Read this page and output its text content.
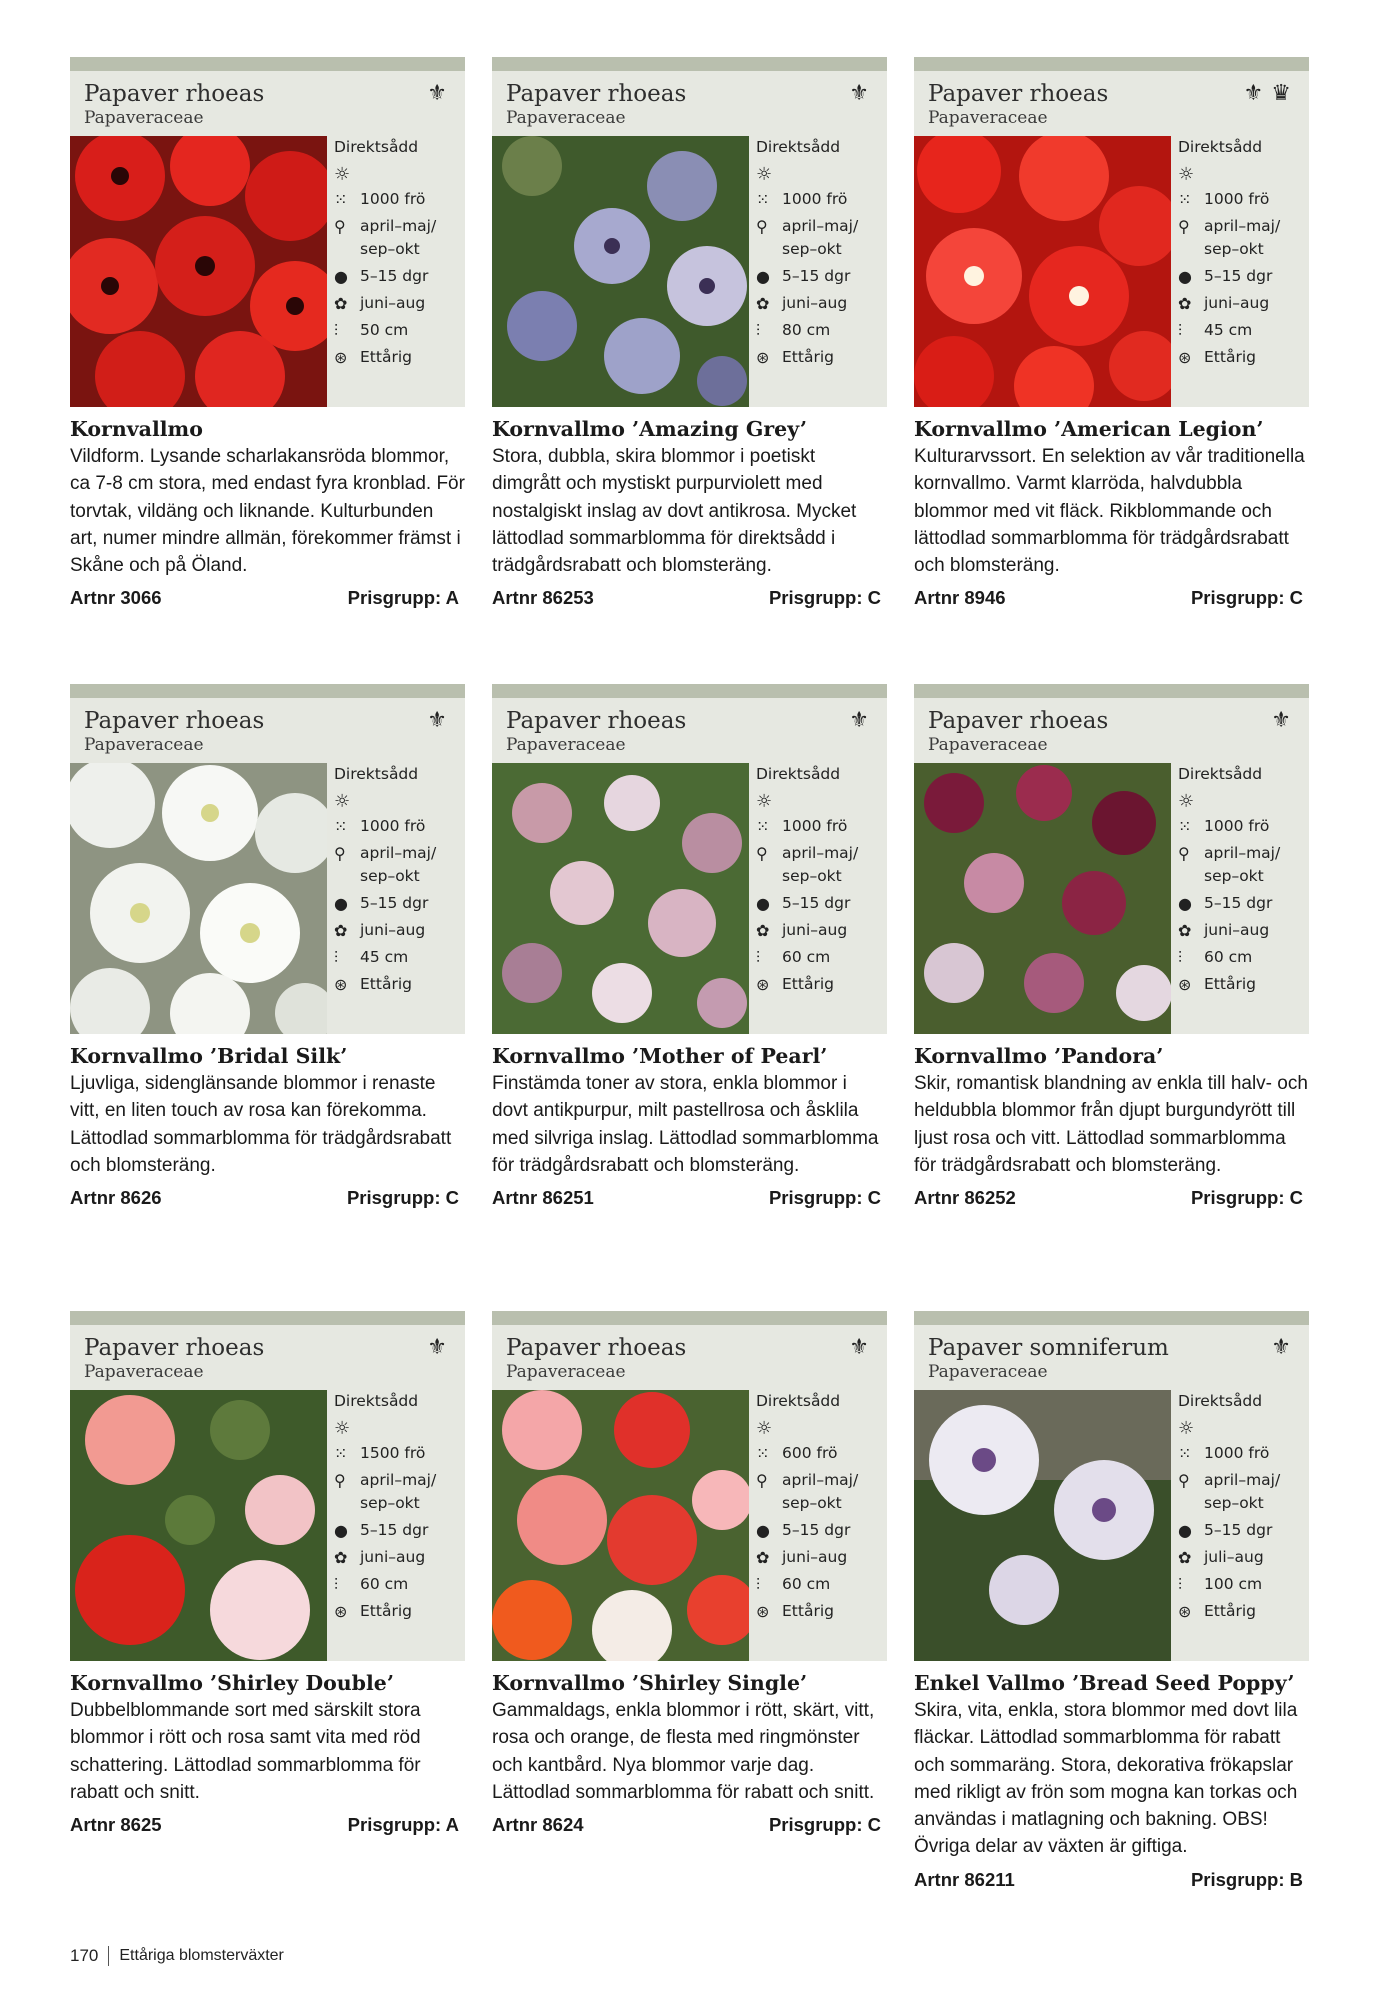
Papaver rhoeas
Papaveraceae
⚜
Direktsådd
☼
⁙ 1000 frö
⚲ april–maj/
sep–okt
● 5–15 dgr
✿ juni–aug
⫶	50 cm
⊛ Ettårig
Kornvallmo
Vildform. Lysande scharlakansröda blommor, ca 7-8 cm stora, med endast fyra kronblad. För torvtak, vildäng och liknande. Kulturbunden art, numer mindre allmän, förekommer främst i Skåne och på Öland.
Artnr 3066	Prisgrupp: A
Papaver rhoeas
Papaveraceae
⚜
Direktsådd
☼
⁙ 1000 frö
⚲ april–maj/
sep–okt
● 5–15 dgr
✿ juni–aug
⫶	80 cm
⊛ Ettårig
Kornvallmo ’Amazing Grey’
Stora, dubbla, skira blommor i poetiskt dimgrått och mystiskt purpurviolett med nostalgiskt inslag av dovt antikrosa. Mycket lättodlad sommarblomma för direktsådd i trädgårdsrabatt och blomsteräng.
Artnr 86253	Prisgrupp: C
Papaver rhoeas
Papaveraceae
⚜ ♛
Direktsådd
☼
⁙ 1000 frö
⚲ april–maj/
sep–okt
● 5–15 dgr
✿ juni–aug
⫶	45 cm
⊛ Ettårig
Kornvallmo ’American Legion’
Kulturarvssort. En selektion av vår traditionella kornvallmo. Varmt klarröda, halvdubbla blommor med vit fläck. Rikblommande och lättodlad sommarblomma för trädgårdsrabatt och blomsteräng.
Artnr 8946	Prisgrupp: C
Papaver rhoeas
Papaveraceae
⚜
Direktsådd
☼
⁙ 1000 frö
⚲ april–maj/
sep–okt
● 5–15 dgr
✿ juni–aug
⫶	45 cm
⊛ Ettårig
Kornvallmo ’Bridal Silk’
Ljuvliga, sidenglänsande blommor i renaste vitt, en liten touch av rosa kan förekomma. Lättodlad sommarblomma för trädgårdsrabatt och blomsteräng.
Artnr 8626	Prisgrupp: C
Papaver rhoeas
Papaveraceae
⚜
Direktsådd
☼
⁙ 1000 frö
⚲ april–maj/
sep–okt
● 5–15 dgr
✿ juni–aug
⫶	60 cm
⊛ Ettårig
Kornvallmo ’Mother of Pearl’
Finstämda toner av stora, enkla blommor i dovt antikpurpur, milt pastellrosa och åsklila med silvriga inslag. Lättodlad sommarblomma för trädgårdsrabatt och blomsteräng.
Artnr 86251	Prisgrupp: C
Papaver rhoeas
Papaveraceae
⚜
Direktsådd
☼
⁙ 1000 frö
⚲ april–maj/
sep–okt
● 5–15 dgr
✿ juni–aug
⫶	60 cm
⊛ Ettårig
Kornvallmo ’Pandora’
Skir, romantisk blandning av enkla till halv- och heldubbla blommor från djupt burgundyrött till ljust rosa och vitt. Lättodlad sommarblomma för trädgårdsrabatt och blomsteräng.
Artnr 86252	Prisgrupp: C
Papaver rhoeas
Papaveraceae
⚜
Direktsådd
☼
⁙ 1500 frö
⚲ april–maj/
sep–okt
● 5–15 dgr
✿ juni–aug
⫶	60 cm
⊛ Ettårig
Kornvallmo ’Shirley Double’
Dubbelblommande sort med särskilt stora blommor i rött och rosa samt vita med röd schattering. Lättodlad sommarblomma för rabatt och snitt.
Artnr 8625	Prisgrupp: A
Papaver rhoeas
Papaveraceae
⚜
Direktsådd
☼
⁙ 600 frö
⚲ april–maj/
sep–okt
● 5–15 dgr
✿ juni–aug
⫶	60 cm
⊛ Ettårig
Kornvallmo ’Shirley Single’
Gammaldags, enkla blommor i rött, skärt, vitt, rosa och orange, de flesta med ringmönster och kantbård. Nya blommor varje dag. Lättodlad sommarblomma för rabatt och snitt.
Artnr 8624	Prisgrupp: C
Papaver somniferum
Papaveraceae
⚜
Direktsådd
☼
⁙ 1000 frö
⚲ april–maj/
sep–okt
● 5–15 dgr
✿ juli–aug
⫶	100 cm
⊛ Ettårig
Enkel Vallmo ’Bread Seed Poppy’
Skira, vita, enkla, stora blommor med dovt lila fläckar. Lättodlad sommarblomma för rabatt och sommaräng. Stora, dekorativa frökapslar med rikligt av frön som mogna kan torkas och användas i matlagning och bakning. OBS! Övriga delar av växten är giftiga.
Artnr 86211	Prisgrupp: B
170 Ettåriga blomsterväxter
